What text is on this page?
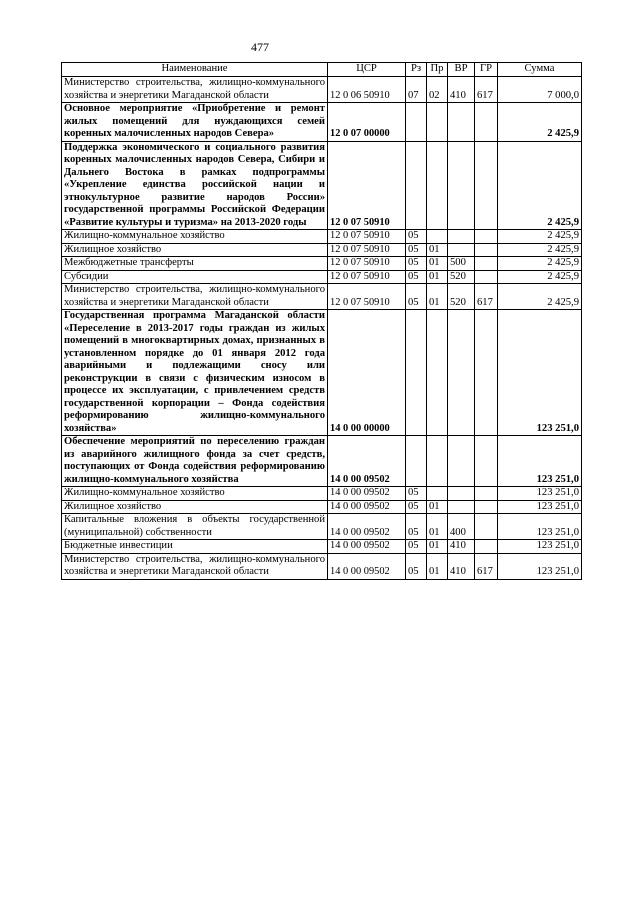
477
Наименование	ЦСР	Рз	Пр	ВР	ГР	Сумма
Министерство строительства, жилищно-коммунального хозяйства и энергетики Магаданской области	12 0 06 50910	07	02	410	617	7 000,0
Основное мероприятие «Приобретение и ремонт жилых помещений для нуждающихся семей коренных малочисленных народов Севера»	12 0 07 00000					2 425,9
Поддержка экономического и социального развития коренных малочисленных народов Севера, Сибири и Дальнего Востока в рамках подпрограммы «Укрепление единства российской нации и этнокультурное развитие народов России» государственной программы Российской Федерации «Развитие культуры и туризма» на 2013-2020 годы	12 0 07 50910					2 425,9
Жилищно-коммунальное хозяйство	12 0 07 50910	05				2 425,9
Жилищное хозяйство	12 0 07 50910	05	01			2 425,9
Межбюджетные трансферты	12 0 07 50910	05	01	500		2 425,9
Субсидии	12 0 07 50910	05	01	520		2 425,9
Министерство строительства, жилищно-коммунального хозяйства и энергетики Магаданской области	12 0 07 50910	05	01	520	617	2 425,9
Государственная программа Магаданской области «Переселение в 2013-2017 годы граждан из жилых помещений в многоквартирных домах, признанных в установленном порядке до 01 января 2012 года аварийными и подлежащими сносу или реконструкции в связи с физическим износом в процессе их эксплуатации, с привлечением средств государственной корпорации – Фонда содействия реформированию жилищно-коммунального хозяйства»	14 0 00 00000					123 251,0
Обеспечение мероприятий по переселению граждан из аварийного жилищного фонда за счет средств, поступающих от Фонда содействия реформированию жилищно-коммунального хозяйства	14 0 00 09502					123 251,0
Жилищно-коммунальное хозяйство	14 0 00 09502	05				123 251,0
Жилищное хозяйство	14 0 00 09502	05	01			123 251,0
Капитальные вложения в объекты государственной (муниципальной) собственности	14 0 00 09502	05	01	400		123 251,0
Бюджетные инвестиции	14 0 00 09502	05	01	410		123 251,0
Министерство строительства, жилищно-коммунального хозяйства и энергетики Магаданской области	14 0 00 09502	05	01	410	617	123 251,0
